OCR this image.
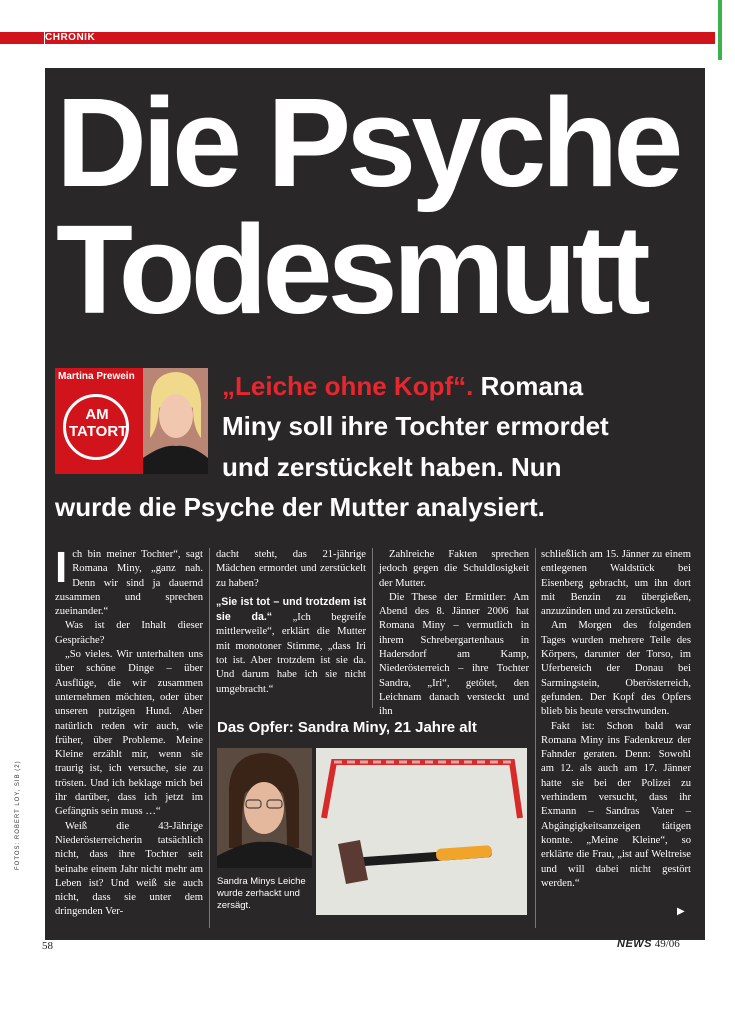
CHRONIK
Die Psyche
Todesmutt
Martina Prewein
AM
TATORT
„Leiche ohne Kopf“. Romana
Miny soll ihre Tochter ermordet
und zerstückelt haben. Nun
wurde die Psyche der Mutter analysiert.

Ich bin meiner Tochter“, sagt Romana Miny, „ganz nah. Denn wir sind ja dauernd zusammen und sprechen zueinander.“

Was ist der Inhalt dieser Gespräche?

„So vieles. Wir unterhalten uns über schöne Dinge – über Ausflüge, die wir zusammen unternehmen möchten, oder über unseren putzigen Hund. Aber natürlich reden wir auch, wie früher, über Probleme. Meine Kleine erzählt mir, wenn sie traurig ist, ich versuche, sie zu trösten. Und ich beklage mich bei ihr darüber, dass ich jetzt im Gefängnis sein muss …“

Weiß die 43-Jährige Niederösterreicherin tatsächlich nicht, dass ihre Tochter seit beinahe einem Jahr nicht mehr am Leben ist? Und weiß sie auch nicht, dass sie unter dem dringenden Ver-

dacht steht, das 21-jährige Mädchen ermordet und zerstückelt zu haben?

„Sie ist tot – und trotzdem ist sie da.“ „Ich begreife mittlerweile“, erklärt die Mutter mit monotoner Stimme, „dass Iri tot ist. Aber trotzdem ist sie da. Und darum habe ich sie nicht umgebracht.“

Zahlreiche Fakten sprechen jedoch gegen die Schuldlosigkeit der Mutter.

Die These der Ermittler: Am Abend des 8. Jänner 2006 hat Romana Miny – vermutlich in ihrem Schrebergartenhaus in Hadersdorf am Kamp, Niederösterreich – ihre Tochter Sandra, „Iri“, getötet, den Leichnam danach versteckt und ihn

schließlich am 15. Jänner zu einem entlegenen Waldstück bei Eisenberg gebracht, um ihn dort mit Benzin zu übergießen, anzuzünden und zu zerstückeln.

Am Morgen des folgenden Tages wurden mehrere Teile des Körpers, darunter der Torso, im Uferbereich der Donau bei Sarmingstein, Oberösterreich, gefunden. Der Kopf des Opfers blieb bis heute verschwunden.

Fakt ist: Schon bald war Romana Miny ins Fadenkreuz der Fahnder geraten. Denn: Sowohl am 12. als auch am 17. Jänner hatte sie bei der Polizei zu verhindern versucht, dass ihr Exmann – Sandras Vater – Abgängigkeitsanzeigen tätigen konnte. „Meine Kleine“, so erklärte die Frau, „ist auf Weltreise und will dabei nicht gestört werden.“

Das Opfer: Sandra Miny, 21 Jahre alt
Sandra Minys Leiche wurde zerhackt und zersägt.
▶
FOTOS: ROBERT LOY, SIB (2)
58	NEWS 49/06
